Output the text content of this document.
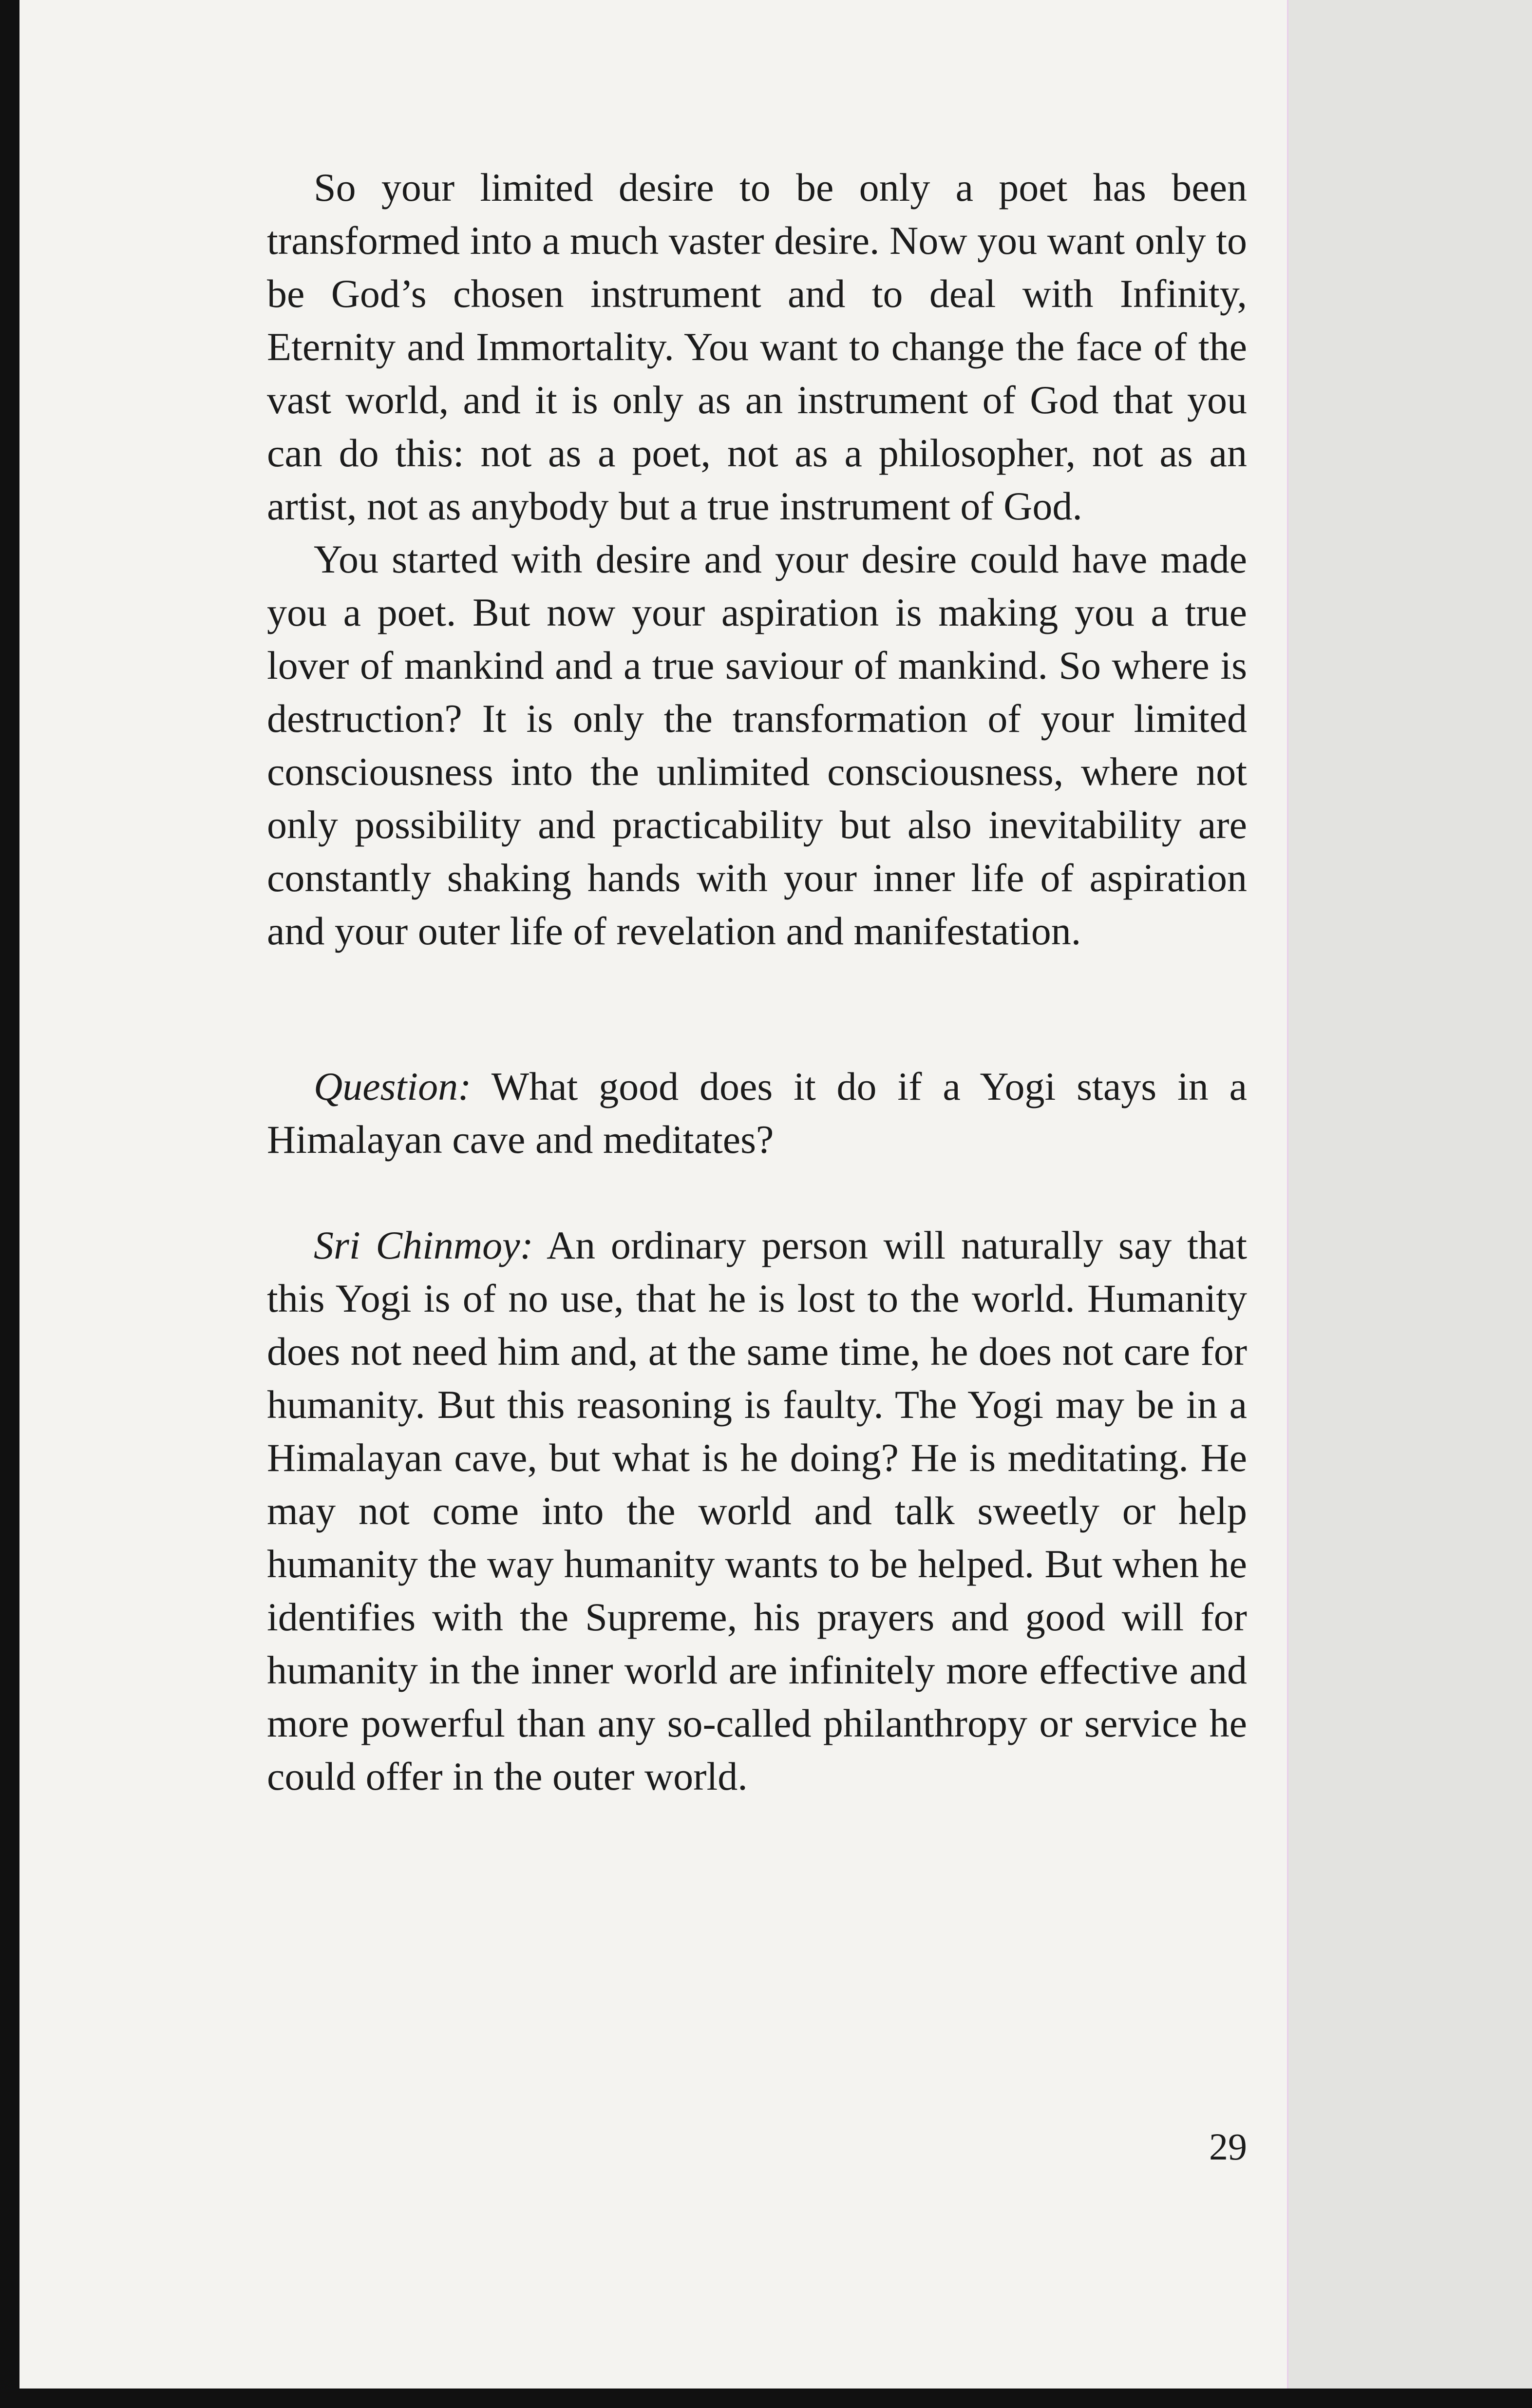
So your limited desire to be only a poet has been transformed into a much vaster desire. Now you want only to be God’s chosen instrument and to deal with Infinity, Eternity and Immortality. You want to change the face of the vast world, and it is only as an instrument of God that you can do this: not as a poet, not as a philosopher, not as an artist, not as anybody but a true instrument of God.

You started with desire and your desire could have made you a poet. But now your aspiration is making you a true lover of mankind and a true saviour of mankind. So where is destruction? It is only the transformation of your limited consciousness into the unlimited consciousness, where not only possibility and practicability but also inevitability are constantly shaking hands with your inner life of aspiration and your outer life of revelation and manifestation.

Question: What good does it do if a Yogi stays in a Himalayan cave and meditates?

Sri Chinmoy: An ordinary person will naturally say that this Yogi is of no use, that he is lost to the world. Humanity does not need him and, at the same time, he does not care for humanity. But this reasoning is faulty. The Yogi may be in a Himalayan cave, but what is he doing? He is meditating. He may not come into the world and talk sweetly or help humanity the way humanity wants to be helped. But when he identifies with the Supreme, his prayers and good will for humanity in the inner world are infinitely more effective and more powerful than any so-called philanthropy or service he could offer in the outer world.

29
